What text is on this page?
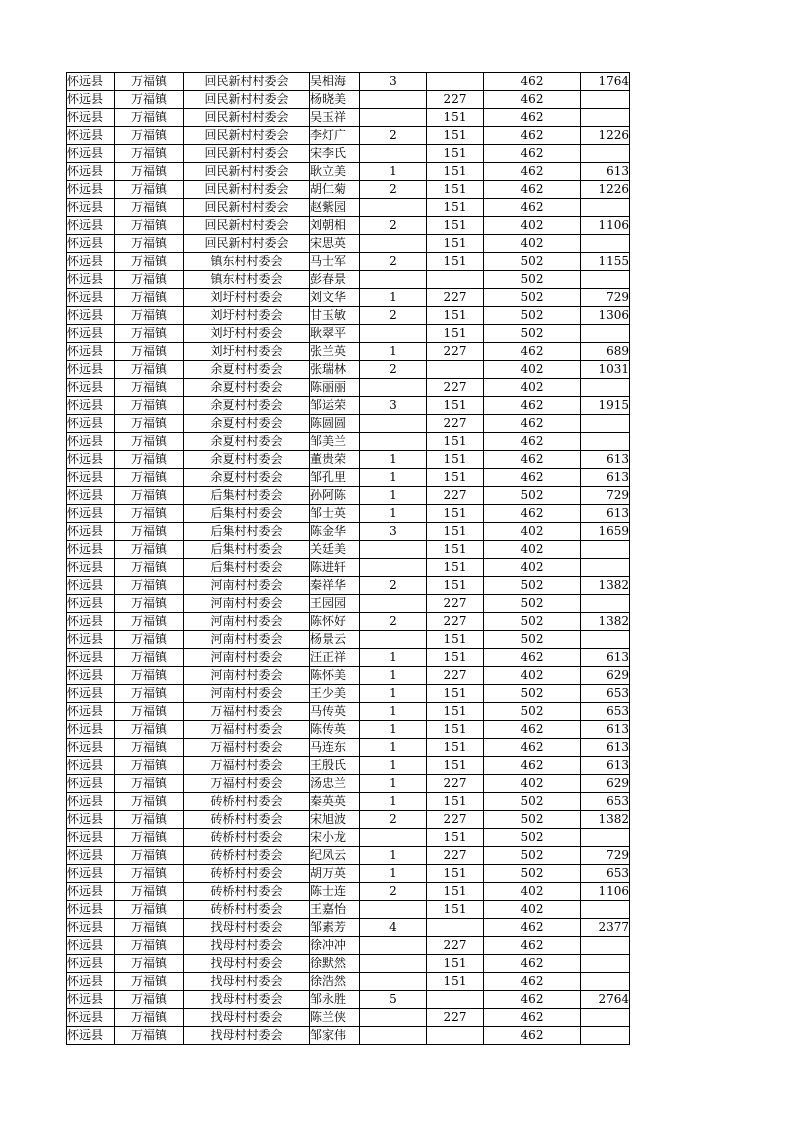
怀远县	万福镇	回民新村村委会	吴相海	3		462	1764
怀远县	万福镇	回民新村村委会	杨晓美		227	462	
怀远县	万福镇	回民新村村委会	吴玉祥		151	462	
怀远县	万福镇	回民新村村委会	李灯广	2	151	462	1226
怀远县	万福镇	回民新村村委会	宋李氏		151	462	
怀远县	万福镇	回民新村村委会	耿立美	1	151	462	613
怀远县	万福镇	回民新村村委会	胡仁菊	2	151	462	1226
怀远县	万福镇	回民新村村委会	赵紫园		151	462	
怀远县	万福镇	回民新村村委会	刘朝相	2	151	402	1106
怀远县	万福镇	回民新村村委会	宋思英		151	402	
怀远县	万福镇	镇东村村委会	马士军	2	151	502	1155
怀远县	万福镇	镇东村村委会	彭春景			502	
怀远县	万福镇	刘圩村村委会	刘文华	1	227	502	729
怀远县	万福镇	刘圩村村委会	甘玉敏	2	151	502	1306
怀远县	万福镇	刘圩村村委会	耿翠平		151	502	
怀远县	万福镇	刘圩村村委会	张兰英	1	227	462	689
怀远县	万福镇	余夏村村委会	张瑞林	2		402	1031
怀远县	万福镇	余夏村村委会	陈丽丽		227	402	
怀远县	万福镇	余夏村村委会	邹运荣	3	151	462	1915
怀远县	万福镇	余夏村村委会	陈圆圆		227	462	
怀远县	万福镇	余夏村村委会	邹美兰		151	462	
怀远县	万福镇	余夏村村委会	董贵荣	1	151	462	613
怀远县	万福镇	余夏村村委会	邹孔里	1	151	462	613
怀远县	万福镇	后集村村委会	孙阿陈	1	227	502	729
怀远县	万福镇	后集村村委会	邹士英	1	151	462	613
怀远县	万福镇	后集村村委会	陈金华	3	151	402	1659
怀远县	万福镇	后集村村委会	关廷美		151	402	
怀远县	万福镇	后集村村委会	陈进轩		151	402	
怀远县	万福镇	河南村村委会	秦祥华	2	151	502	1382
怀远县	万福镇	河南村村委会	王园园		227	502	
怀远县	万福镇	河南村村委会	陈怀好	2	227	502	1382
怀远县	万福镇	河南村村委会	杨景云		151	502	
怀远县	万福镇	河南村村委会	汪正祥	1	151	462	613
怀远县	万福镇	河南村村委会	陈怀美	1	227	402	629
怀远县	万福镇	河南村村委会	王少美	1	151	502	653
怀远县	万福镇	万福村村委会	马传英	1	151	502	653
怀远县	万福镇	万福村村委会	陈传英	1	151	462	613
怀远县	万福镇	万福村村委会	马连东	1	151	462	613
怀远县	万福镇	万福村村委会	王殷氏	1	151	462	613
怀远县	万福镇	万福村村委会	汤忠兰	1	227	402	629
怀远县	万福镇	砖桥村村委会	秦英英	1	151	502	653
怀远县	万福镇	砖桥村村委会	宋旭波	2	227	502	1382
怀远县	万福镇	砖桥村村委会	宋小龙		151	502	
怀远县	万福镇	砖桥村村委会	纪凤云	1	227	502	729
怀远县	万福镇	砖桥村村委会	胡万英	1	151	502	653
怀远县	万福镇	砖桥村村委会	陈士连	2	151	402	1106
怀远县	万福镇	砖桥村村委会	王嘉怡		151	402	
怀远县	万福镇	找母村村委会	邹素芳	4		462	2377
怀远县	万福镇	找母村村委会	徐冲冲		227	462	
怀远县	万福镇	找母村村委会	徐默然		151	462	
怀远县	万福镇	找母村村委会	徐浩然		151	462	
怀远县	万福镇	找母村村委会	邹永胜	5		462	2764
怀远县	万福镇	找母村村委会	陈兰侠		227	462	
怀远县	万福镇	找母村村委会	邹家伟			462	
